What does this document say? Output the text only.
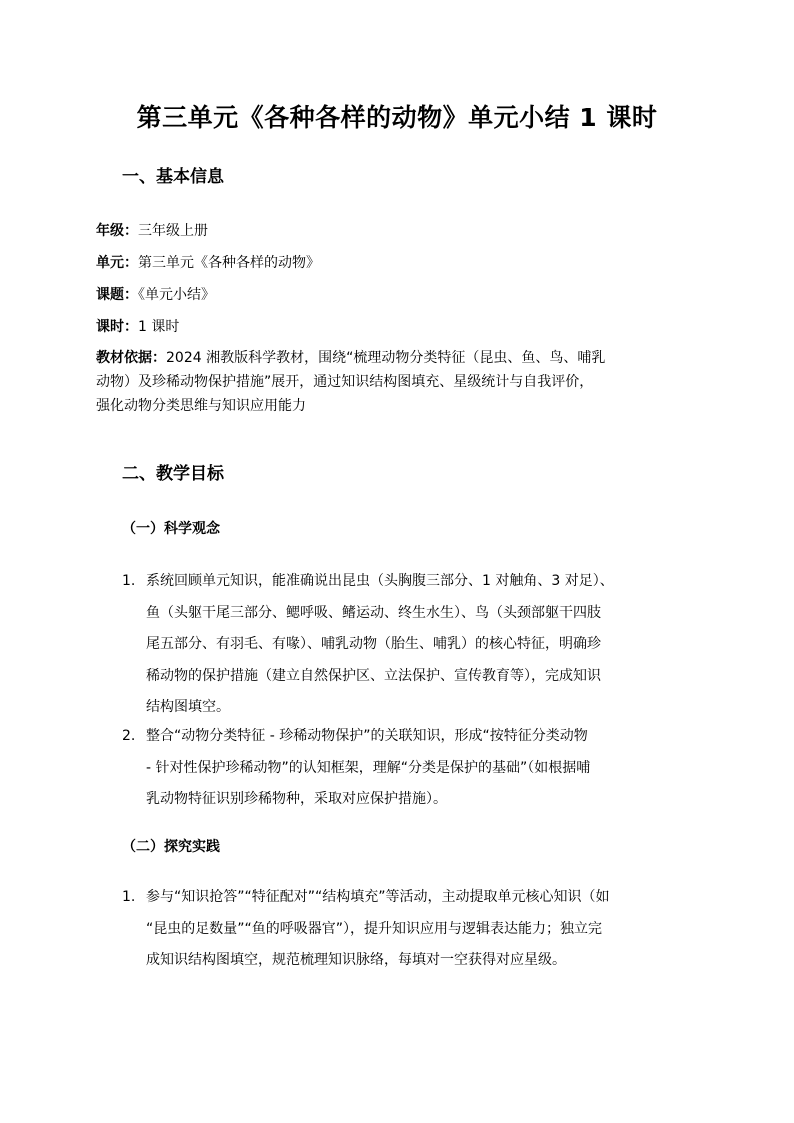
第三单元《各种各样的动物》单元小结 1 课时
一、基本信息
年级：三年级上册
单元：第三单元《各种各样的动物》
课题：《单元小结》
课时：1 课时
教材依据：2024 湘教版科学教材，围绕“梳理动物分类特征（昆虫、鱼、鸟、哺乳
动物）及珍稀动物保护措施”展开，通过知识结构图填充、星级统计与自我评价，
强化动物分类思维与知识应用能力
二、教学目标
（一）科学观念
1. 系统回顾单元知识，能准确说出昆虫（头胸腹三部分、1 对触角、3 对足）、
鱼（头躯干尾三部分、鳃呼吸、鳍运动、终生水生）、鸟（头颈部躯干四肢
尾五部分、有羽毛、有喙）、哺乳动物（胎生、哺乳）的核心特征，明确珍
稀动物的保护措施（建立自然保护区、立法保护、宣传教育等），完成知识
结构图填空。
2. 整合“动物分类特征 - 珍稀动物保护”的关联知识，形成“按特征分类动物
- 针对性保护珍稀动物”的认知框架，理解“分类是保护的基础”（如根据哺
乳动物特征识别珍稀物种，采取对应保护措施）。
（二）探究实践
1. 参与“知识抢答”“特征配对”“结构填充”等活动，主动提取单元核心知识（如
“昆虫的足数量”“鱼的呼吸器官”），提升知识应用与逻辑表达能力；独立完
成知识结构图填空，规范梳理知识脉络，每填对一空获得对应星级。
